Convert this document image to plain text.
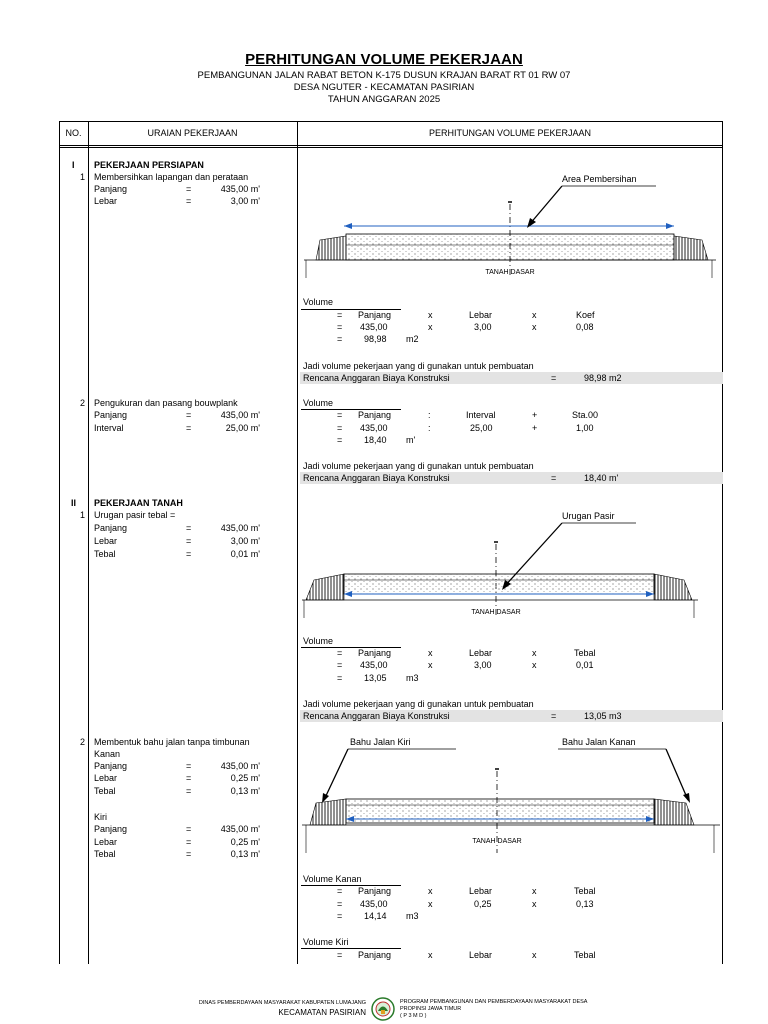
PERHITUNGAN VOLUME PEKERJAAN
PEMBANGUNAN JALAN RABAT BETON K-175 DUSUN KRAJAN BARAT RT 01 RW 07
DESA NGUTER - KECAMATAN PASIRIAN
TAHUN ANGGARAN 2025
NO.	URAIAN PEKERJAAN	PERHITUNGAN VOLUME PEKERJAAN
I PEKERJAAN PERSIAPAN
1 Membersihkan lapangan dan perataan
Panjang	=	435,00 m'
Lebar	=	3,00 m'
Area Pembersihan
TANAH DASAR
Volume
= Panjang	x	Lebar	x	Koef
= 435,00	x	3,00	x	0,08
= 98,98 m2
Jadi volume pekerjaan yang di gunakan untuk pembuatan
Rencana Anggaran Biaya Konstruksi	=	98,98 m2
2 Pengukuran dan pasang bouwplank
Panjang	=	435,00 m'
Interval	=	25,00 m'
Volume
= Panjang	:	Interval	+	Sta.00
= 435,00	:	25,00	+	1,00
= 18,40 m'
Jadi volume pekerjaan yang di gunakan untuk pembuatan
Rencana Anggaran Biaya Konstruksi	=	18,40 m'
II PEKERJAAN TANAH
1 Urugan pasir tebal =
Panjang	=	435,00 m'
Lebar	=	3,00 m'
Tebal	=	0,01 m'
Urugan Pasir
TANAH DASAR
Volume
= Panjang	x	Lebar	x	Tebal
= 435,00	x	3,00	x	0,01
= 13,05 m3
Jadi volume pekerjaan yang di gunakan untuk pembuatan
Rencana Anggaran Biaya Konstruksi	=	13,05 m3
2 Membentuk bahu jalan tanpa timbunan
Kanan
Panjang	=	435,00 m'
Lebar	=	0,25 m'
Tebal	=	0,13 m'
Kiri
Panjang	=	435,00 m'
Lebar	=	0,25 m'
Tebal	=	0,13 m'
Bahu Jalan Kiri	Bahu Jalan Kanan
TANAH DASAR
Volume Kanan
= Panjang	x	Lebar	x	Tebal
= 435,00	x	0,25	x	0,13
= 14,14 m3
Volume Kiri
= Panjang	x	Lebar	x	Tebal
DINAS PEMBERDAYAAN MASYARAKAT KABUPATEN LUMAJANG
KECAMATAN PASIRIAN
PROGRAM PEMBANGUNAN DAN PEMBERDAYAAN MASYARAKAT DESA
PROPINSI JAWA TIMUR
( P 3 M D )
